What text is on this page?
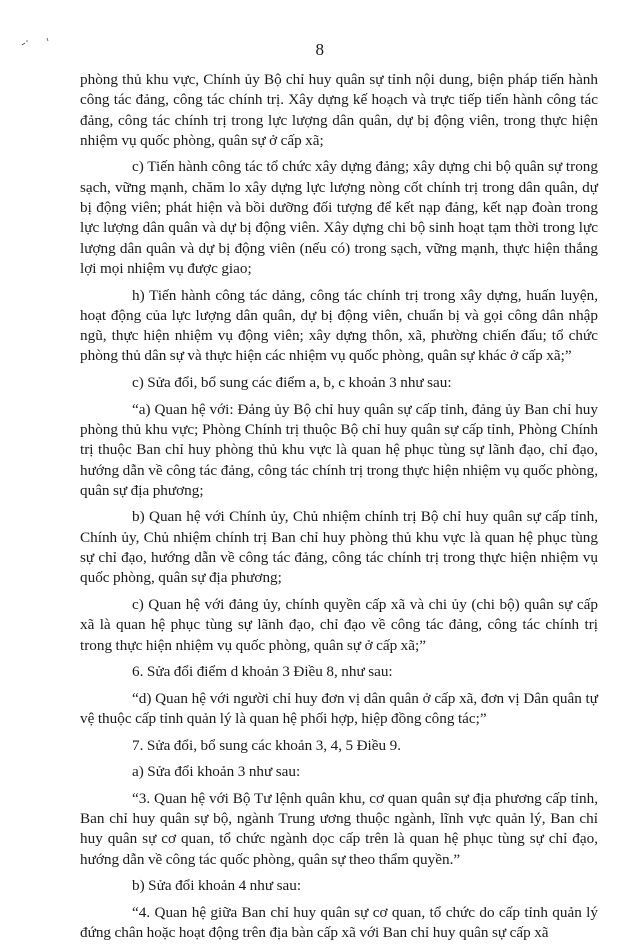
8

phòng thủ khu vực, Chính ủy Bộ chỉ huy quân sự tỉnh nội dung, biện pháp tiến hành công tác đảng, công tác chính trị. Xây dựng kế hoạch và trực tiếp tiến hành công tác đảng, công tác chính trị trong lực lượng dân quân, dự bị động viên, trong thực hiện nhiệm vụ quốc phòng, quân sự ở cấp xã;

c) Tiến hành công tác tổ chức xây dựng đảng; xây dựng chi bộ quân sự trong sạch, vững mạnh, chăm lo xây dựng lực lượng nòng cốt chính trị trong dân quân, dự bị động viên; phát hiện và bồi dưỡng đối tượng để kết nạp đảng, kết nạp đoàn trong lực lượng dân quân và dự bị động viên. Xây dựng chi bộ sinh hoạt tạm thời trong lực lượng dân quân và dự bị động viên (nếu có) trong sạch, vững mạnh, thực hiện thắng lợi mọi nhiệm vụ được giao;

h) Tiến hành công tác dảng, công tác chính trị trong xây dựng, huấn luyện, hoạt động của lực lượng dân quân, dự bị động viên, chuẩn bị và gọi công dân nhập ngũ, thực hiện nhiệm vụ động viên; xây dựng thôn, xã, phường chiến đấu; tổ chức phòng thủ dân sự và thực hiện các nhiệm vụ quốc phòng, quân sự khác ở cấp xã;”

c) Sửa đổi, bổ sung các điểm a, b, c khoản 3 như sau:

“a) Quan hệ với: Đảng ủy Bộ chỉ huy quân sự cấp tỉnh, đảng ủy Ban chỉ huy phòng thủ khu vực; Phòng Chính trị thuộc Bộ chỉ huy quân sự cấp tỉnh, Phòng Chính trị thuộc Ban chỉ huy phòng thủ khu vực là quan hệ phục tùng sự lãnh đạo, chỉ đạo, hướng dẫn về công tác đảng, công tác chính trị trong thực hiện nhiệm vụ quốc phòng, quân sự địa phương;

b) Quan hệ với Chính ủy, Chủ nhiệm chính trị Bộ chỉ huy quân sự cấp tỉnh, Chính ủy, Chủ nhiệm chính trị Ban chỉ huy phòng thủ khu vực là quan hệ phục tùng sự chỉ đạo, hướng dẫn về công tác đảng, công tác chính trị trong thực hiện nhiệm vụ quốc phòng, quân sự địa phương;

c) Quan hệ với đảng ủy, chính quyền cấp xã và chi ủy (chi bộ) quân sự cấp xã là quan hệ phục tùng sự lãnh đạo, chỉ đạo về công tác đảng, công tác chính trị trong thực hiện nhiệm vụ quốc phòng, quân sự ở cấp xã;”

6. Sửa đổi điểm d khoản 3 Điều 8, như sau:

“d) Quan hệ với người chỉ huy đơn vị dân quân ở cấp xã, đơn vị Dân quân tự vệ thuộc cấp tỉnh quản lý là quan hệ phối hợp, hiệp đồng công tác;”

7. Sửa đổi, bổ sung các khoản 3, 4, 5 Điều 9.

a) Sửa đổi khoản 3 như sau:

“3. Quan hệ với Bộ Tư lệnh quân khu, cơ quan quân sự địa phương cấp tỉnh, Ban chỉ huy quân sự bộ, ngành Trung ương thuộc ngành, lĩnh vực quản lý, Ban chỉ huy quân sự cơ quan, tổ chức ngành dọc cấp trên là quan hệ phục tùng sự chỉ đạo, hướng dẫn về công tác quốc phòng, quân sự theo thẩm quyền.”

b) Sửa đổi khoản 4 như sau:

“4. Quan hệ giữa Ban chỉ huy quân sự cơ quan, tổ chức do cấp tỉnh quản lý đứng chân hoặc hoạt động trên địa bàn cấp xã với Ban chỉ huy quân sự cấp xã
